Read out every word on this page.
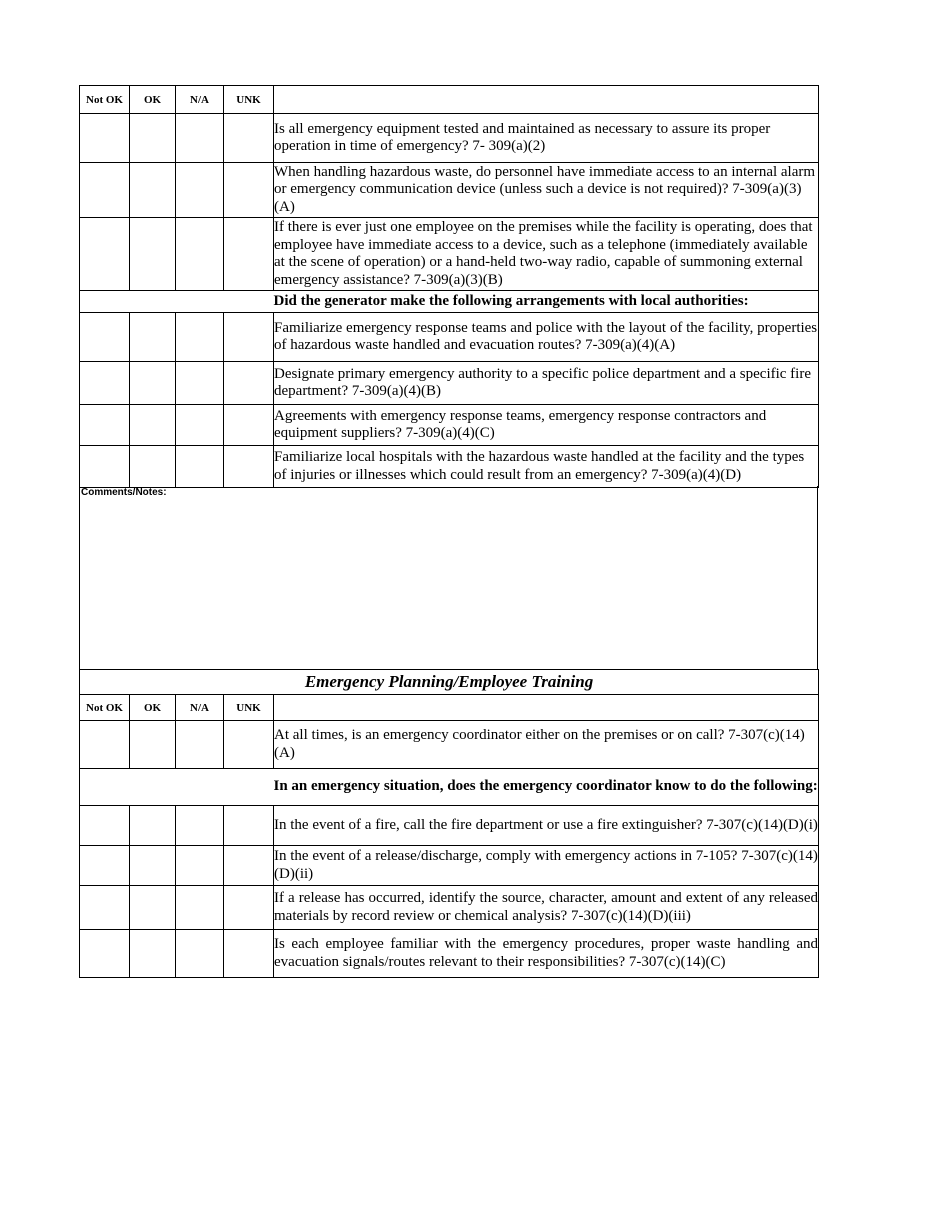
Not OK	OK	N/A	UNK	
				Is all emergency equipment tested and maintained as necessary to assure its proper operation in time of emergency? 7- 309(a)(2)
				When handling hazardous waste, do personnel have immediate access to an internal alarm or emergency communication device (unless such a device is not required)? 7-309(a)(3)(A)
				If there is ever just one employee on the premises while the facility is operating, does that employee have immediate access to a device, such as a telephone (immediately available at the scene of operation) or a hand-held two-way radio, capable of summoning external emergency assistance? 7-309(a)(3)(B)
				Did the generator make the following arrangements with local authorities:
				Familiarize emergency response teams and police with the layout of the facility, properties of hazardous waste handled and evacuation routes? 7-309(a)(4)(A)
				Designate primary emergency authority to a specific police department and a specific fire department? 7-309(a)(4)(B)
				Agreements with emergency response teams, emergency response contractors and equipment suppliers? 7-309(a)(4)(C)
				Familiarize local hospitals with the hazardous waste handled at the facility and the types of injuries or illnesses which could result from an emergency? 7-309(a)(4)(D)
Comments/Notes:
Emergency Planning/Employee Training				
Not OK	OK	N/A	UNK	
				At all times, is an emergency coordinator either on the premises or on call? 7-307(c)(14)(A)
				In an emergency situation, does the emergency coordinator know to do the following:
				In the event of a fire, call the fire department or use a fire extinguisher? 7-307(c)(14)(D)(i)
				In the event of a release/discharge, comply with emergency actions in 7-105? 7-307(c)(14)(D)(ii)
				If a release has occurred, identify the source, character, amount and extent of any released materials by record review or chemical analysis? 7-307(c)(14)(D)(iii)
				Is each employee familiar with the emergency procedures, proper waste handling and evacuation signals/routes relevant to their responsibilities? 7-307(c)(14)(C)
